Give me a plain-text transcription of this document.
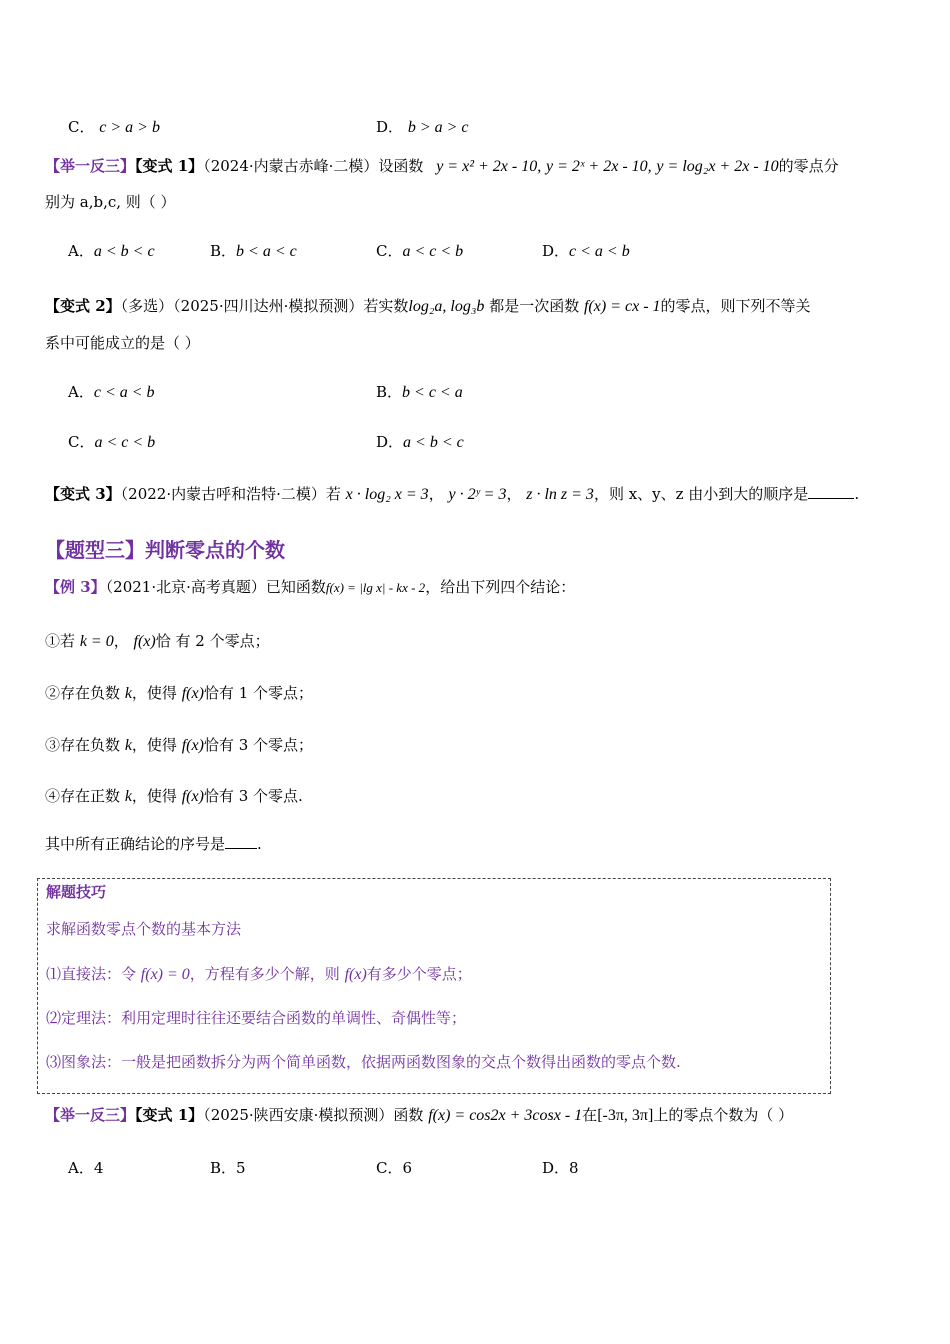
C． c > a > b	D． b > a > c
【举一反三】【变式 1】（2024·内蒙古赤峰·二模）设函数 y = x² + 2x - 10, y = 2ˣ + 2x - 10, y = log₂x + 2x - 10的零点分
别为 a,b,c, 则（ ）
A．a < b < c	B．b < a < c	C．a < c < b	D．c < a < b
【变式 2】（多选）（2025·四川达州·模拟预测）若实数log₂a, log₃b 都是一次函数 f(x) = cx - 1的零点，则下列不等关
系中可能成立的是（ ）
A．c < a < b	B．b < c < a
C．a < c < b	D．a < b < c
【变式 3】（2022·内蒙古呼和浩特·二模）若 x · log₂ x = 3， y · 2ʸ = 3， z · ln z = 3，则 x、y、z 由小到大的顺序是	.
【题型三】判断零点的个数
【例 3】（2021·北京·高考真题）已知函数f(x) = |lg x| - kx - 2，给出下列四个结论：
①若 k = 0， f(x)恰 有 2 个零点；
②存在负数 k，使得 f(x)恰有 1 个零点；
③存在负数 k，使得 f(x)恰有 3 个零点；
④存在正数 k，使得 f(x)恰有 3 个零点.
其中所有正确结论的序号是 .
解题技巧
求解函数零点个数的基本方法
⑴直接法：令 f(x) = 0，方程有多少个解，则 f(x)有多少个零点；
⑵定理法：利用定理时往往还要结合函数的单调性、奇偶性等；
⑶图象法：一般是把函数拆分为两个简单函数，依据两函数图象的交点个数得出函数的零点个数.
【举一反三】【变式 1】（2025·陕西安康·模拟预测）函数 f(x) = cos2x + 3cosx - 1在[-3π, 3π]上的零点个数为（ ）
A．4	B．5	C．6	D．8
